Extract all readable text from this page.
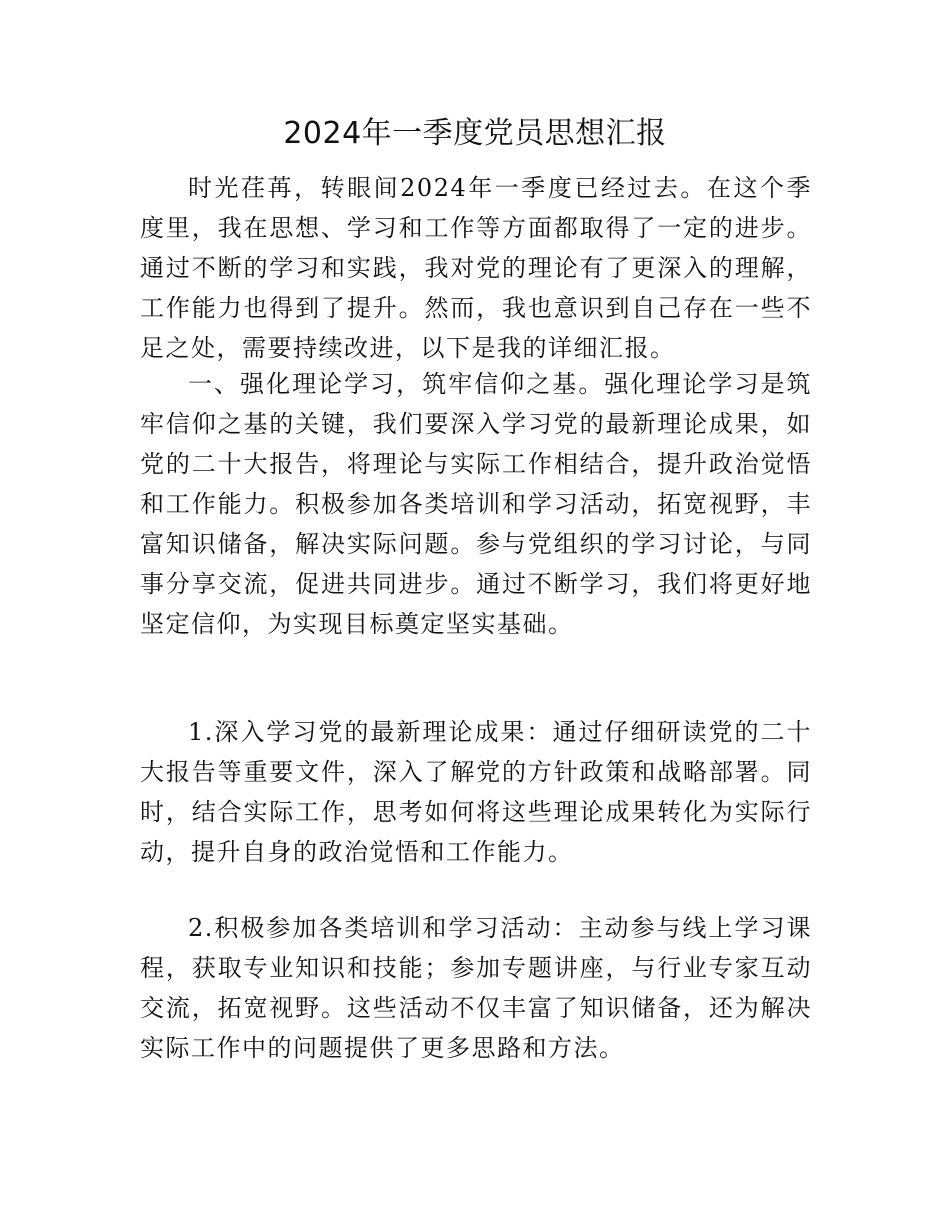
2024年一季度党员思想汇报

时光荏苒，转眼间2024年一季度已经过去。在这个季度里，我在思想、学习和工作等方面都取得了一定的进步。通过不断的学习和实践，我对党的理论有了更深入的理解，工作能力也得到了提升。然而，我也意识到自己存在一些不足之处，需要持续改进，以下是我的详细汇报。

一、强化理论学习，筑牢信仰之基。强化理论学习是筑牢信仰之基的关键，我们要深入学习党的最新理论成果，如党的二十大报告，将理论与实际工作相结合，提升政治觉悟和工作能力。积极参加各类培训和学习活动，拓宽视野，丰富知识储备，解决实际问题。参与党组织的学习讨论，与同事分享交流，促进共同进步。通过不断学习，我们将更好地坚定信仰，为实现目标奠定坚实基础。

1.深入学习党的最新理论成果：通过仔细研读党的二十大报告等重要文件，深入了解党的方针政策和战略部署。同时，结合实际工作，思考如何将这些理论成果转化为实际行动，提升自身的政治觉悟和工作能力。

2.积极参加各类培训和学习活动：主动参与线上学习课程，获取专业知识和技能；参加专题讲座，与行业专家互动交流，拓宽视野。这些活动不仅丰富了知识储备，还为解决实际工作中的问题提供了更多思路和方法。
